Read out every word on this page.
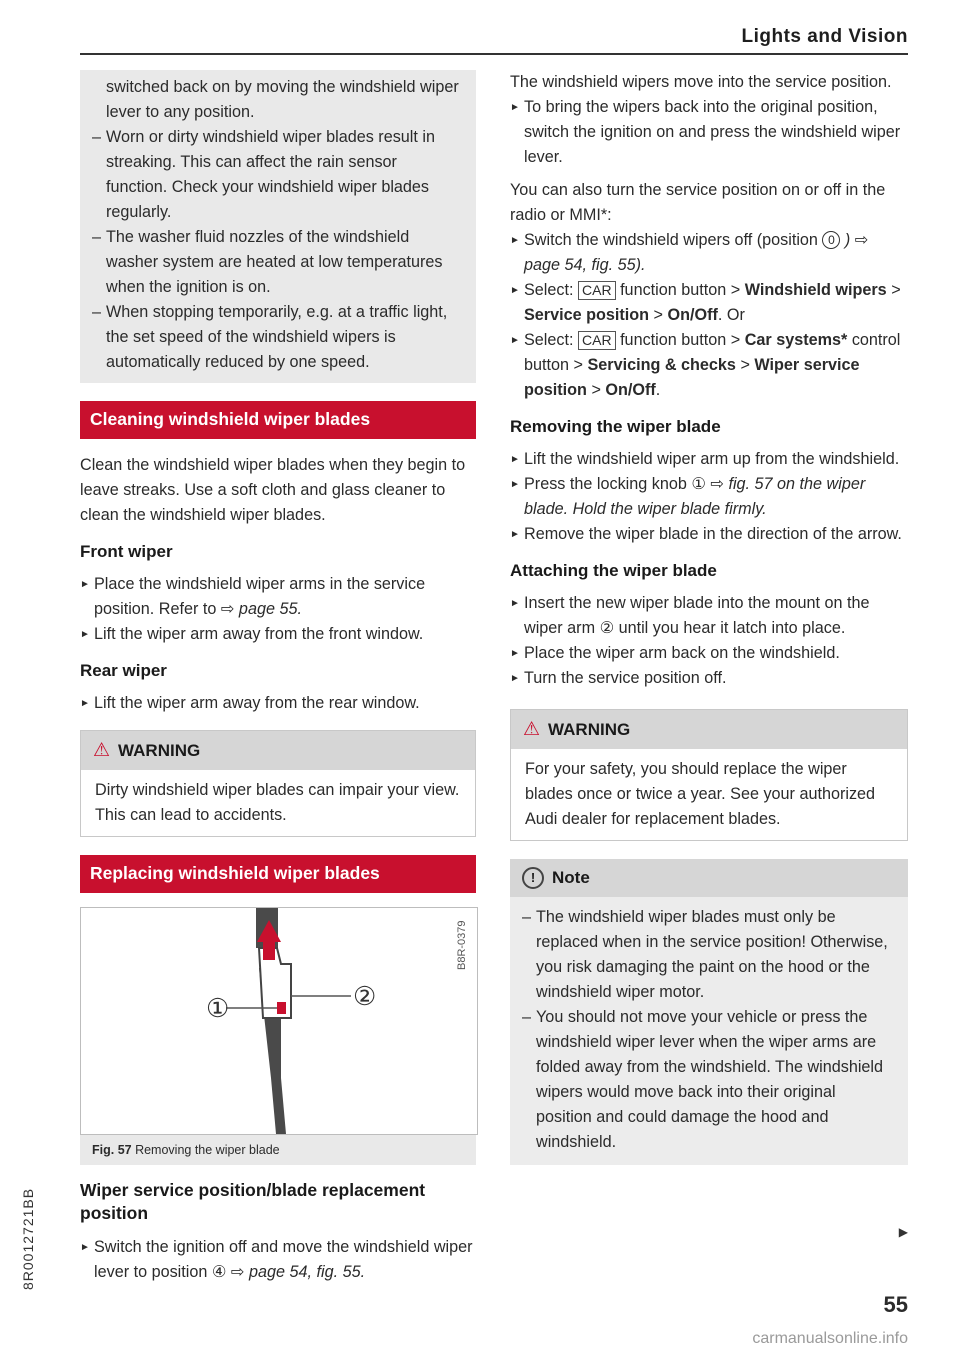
Lights and Vision
switched back on by moving the windshield wiper lever to any position.
– Worn or dirty windshield wiper blades result in streaking. This can affect the rain sensor function. Check your windshield wiper blades regularly.
– The washer fluid nozzles of the windshield washer system are heated at low temperatures when the ignition is on.
– When stopping temporarily, e.g. at a traffic light, the set speed of the windshield wipers is automatically reduced by one speed.
Cleaning windshield wiper blades

Clean the windshield wiper blades when they begin to leave streaks. Use a soft cloth and glass cleaner to clean the windshield wiper blades.

Front wiper
► Place the windshield wiper arms in the service position. Refer to ⇨ page 55.
► Lift the wiper arm away from the front window.
Rear wiper
► Lift the wiper arm away from the rear window.
⚠ WARNING
Dirty windshield wiper blades can impair your view. This can lead to accidents.
Replacing windshield wiper blades
①	②
B8R-0379
Fig. 57 Removing the wiper blade
Wiper service position/blade replacement position
► Switch the ignition off and move the windshield wiper lever to position ④ ⇨ page 54, fig. 55.

The windshield wipers move into the service position.

► To bring the wipers back into the original position, switch the ignition on and press the windshield wiper lever.

You can also turn the service position on or off in the radio or MMI*:

► Switch the windshield wipers off (position 0 ) ⇨ page 54, fig. 55).
► Select: CAR function button > Windshield wipers > Service position > On/Off. Or
► Select: CAR function button > Car systems* control button > Servicing & checks > Wiper service position > On/Off.
Removing the wiper blade
► Lift the windshield wiper arm up from the windshield.
► Press the locking knob ① ⇨ fig. 57 on the wiper blade. Hold the wiper blade firmly.
► Remove the wiper blade in the direction of the arrow.
Attaching the wiper blade
► Insert the new wiper blade into the mount on the wiper arm ② until you hear it latch into place.
► Place the wiper arm back on the windshield.
► Turn the service position off.
⚠ WARNING
For your safety, you should replace the wiper blades once or twice a year. See your authorized Audi dealer for replacement blades.
! Note
– The windshield wiper blades must only be replaced when in the service position! Otherwise, you risk damaging the paint on the hood or the windshield wiper motor.
– You should not move your vehicle or press the windshield wiper lever when the wiper arms are folded away from the windshield. The windshield wipers would move back into their original position and could damage the hood and windshield.
▶
55
8R0012721BB
carmanualsonline.info
